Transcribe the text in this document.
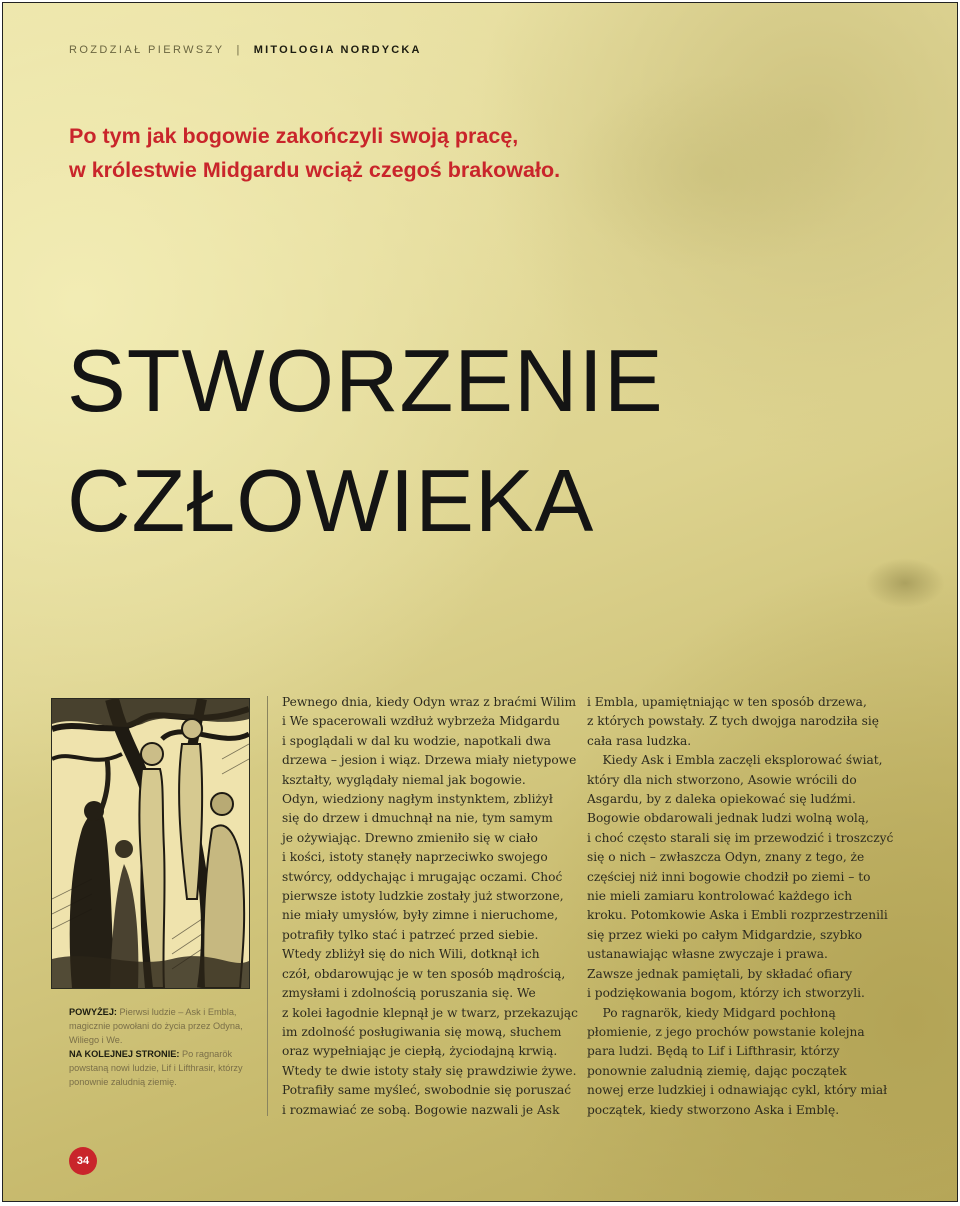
ROZDZIAŁ PIERWSZY | MITOLOGIA NORDYCKA
Po tym jak bogowie zakończyli swoją pracę,
w królestwie Midgardu wciąż czegoś brakowało.
STWORZENIE
CZŁOWIEKA

POWYŻEJ: Pierwsi ludzie – Ask i Embla, magicznie powołani do życia przez Odyna, Wiliego i We.

NA KOLEJNEJ STRONIE: Po ragnarök powstaną nowi ludzie, Lif i Lifthrasir, którzy ponownie zaludnią ziemię.

Pewnego dnia, kiedy Odyn wraz z braćmi Wilim
i We spacerowali wzdłuż wybrzeża Midgardu
i spoglądali w dal ku wodzie, napotkali dwa
drzewa – jesion i wiąz. Drzewa miały nietypowe
kształty, wyglądały niemal jak bogowie.
Odyn, wiedziony nagłym instynktem, zbliżył
się do drzew i dmuchnął na nie, tym samym
je ożywiając. Drewno zmieniło się w ciało
i kości, istoty stanęły naprzeciwko swojego
stwórcy, oddychając i mrugając oczami. Choć
pierwsze istoty ludzkie zostały już stworzone,
nie miały umysłów, były zimne i nieruchome,
potrafiły tylko stać i patrzeć przed siebie.
Wtedy zbliżył się do nich Wili, dotknął ich
czół, obdarowując je w ten sposób mądrością,
zmysłami i zdolnością poruszania się. We
z kolei łagodnie klepnął je w twarz, przekazując
im zdolność posługiwania się mową, słuchem
oraz wypełniając je ciepłą, życiodajną krwią.
Wtedy te dwie istoty stały się prawdziwie żywe.
Potrafiły same myśleć, swobodnie się poruszać
i rozmawiać ze sobą. Bogowie nazwali je Ask
i Embla, upamiętniając w ten sposób drzewa,
z których powstały. Z tych dwojga narodziła się
cała rasa ludzka.
Kiedy Ask i Embla zaczęli eksplorować świat,
który dla nich stworzono, Asowie wrócili do
Asgardu, by z daleka opiekować się ludźmi.
Bogowie obdarowali jednak ludzi wolną wolą,
i choć często starali się im przewodzić i troszczyć
się o nich – zwłaszcza Odyn, znany z tego, że
częściej niż inni bogowie chodził po ziemi – to
nie mieli zamiaru kontrolować każdego ich
kroku. Potomkowie Aska i Embli rozprzestrzenili
się przez wieki po całym Midgardzie, szybko
ustanawiając własne zwyczaje i prawa.
Zawsze jednak pamiętali, by składać ofiary
i podziękowania bogom, którzy ich stworzyli.
Po ragnarök, kiedy Midgard pochłoną
płomienie, z jego prochów powstanie kolejna
para ludzi. Będą to Lif i Lifthrasir, którzy
ponownie zaludnią ziemię, dając początek
nowej erze ludzkiej i odnawiając cykl, który miał
początek, kiedy stworzono Aska i Emblę.
34
